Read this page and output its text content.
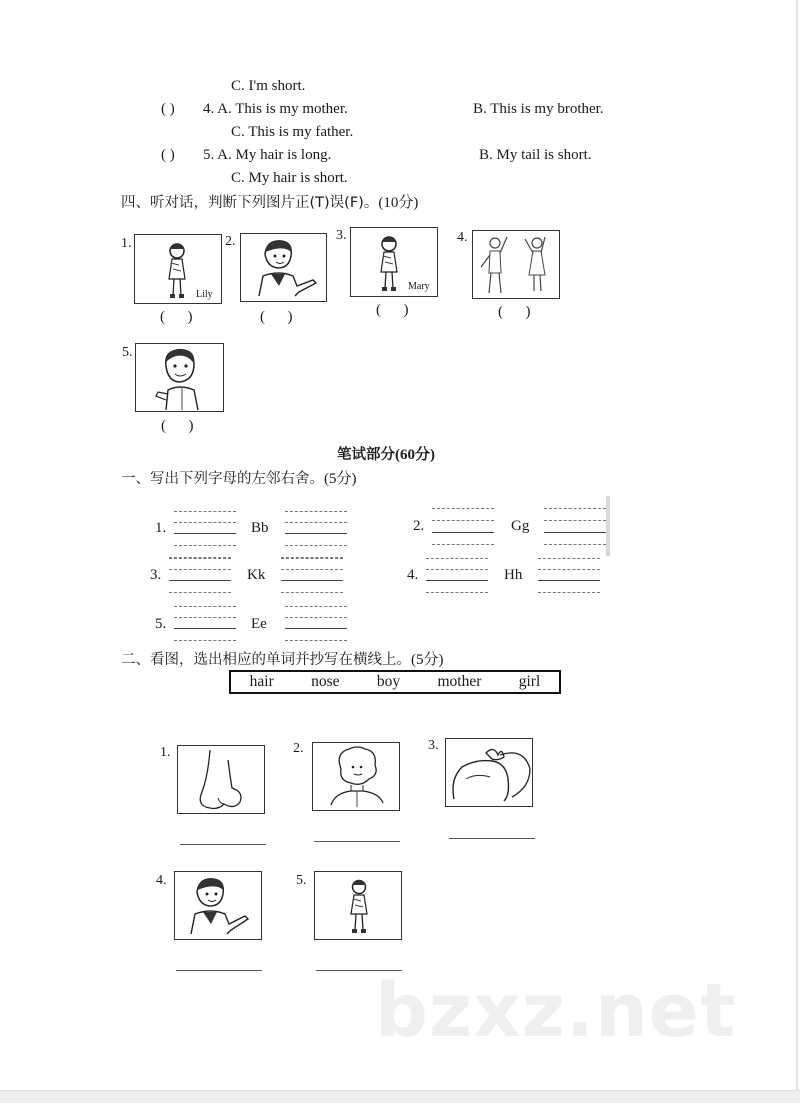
C. I'm short.
( ) 4. A. This is my mother.	B. This is my brother.
C. This is my father.
( ) 5. A. My hair is long.	B. My tail is short.
C. My hair is short.
四、听对话，判断下列图片正(T)误(F)。(10分)
1.
Lily
(      )
2.
(      )
3.
Mary
(      )
4.
(      )
5.
(      )
笔试部分(60分)
一、写出下列字母的左邻右舍。(5分)
1.	Bb	2.	Gg
3.	Kk	4.	Hh
5.	Ee
二、看图，选出相应的单词并抄写在横线上。(5分)
hair nose boy mother girl
1.	2.	3.
4.	5.
bzxz.net
